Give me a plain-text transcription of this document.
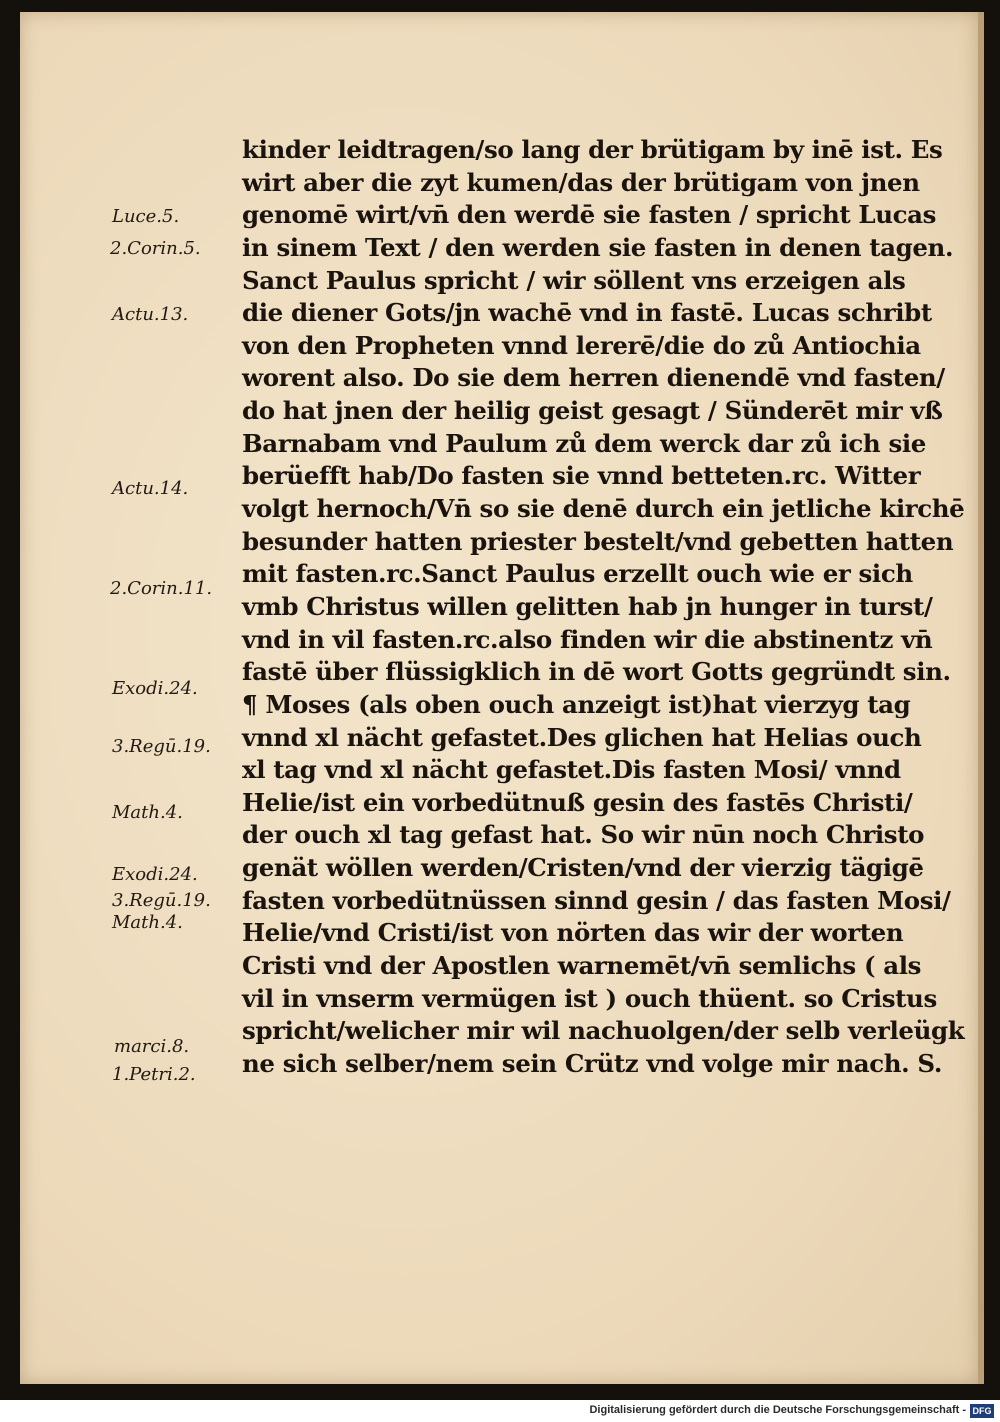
Luce.5.
2.Corin.5.
Actu.13.
Actu.14.
2.Corin.11.
Exodi.24.
3.Regū.19.
Math.4.
Exodi.24.
3.Regū.19.
Math.4.
marci.8.
1.Petri.2.
kinder leidtragen/so lang der brütigam by inē ist. Es
wirt aber die zyt kumen/das der brütigam von jnen
genomē wirt/vn̄ den werdē sie fasten / spricht Lucas
in sinem Text / den werden sie fasten in denen tagen.
Sanct Paulus spricht / wir söllent vns erzeigen als
die diener Gots/jn wachē vnd in fastē. Lucas schribt
von den Propheten vnnd lererē/die do zů Antiochia
worent also. Do sie dem herren dienendē vnd fasten/
do hat jnen der heilig geist gesagt / Sünderēt mir vß
Barnabam vnd Paulum zů dem werck dar zů ich sie
berüefft hab/Do fasten sie vnnd betteten.rc. Witter
volgt hernoch/Vn̄ so sie denē durch ein jetliche kirchē
besunder hatten priester bestelt/vnd gebetten hatten
mit fasten.rc.Sanct Paulus erzellt ouch wie er sich
vmb Christus willen gelitten hab jn hunger in turst/
vnd in vil fasten.rc.also finden wir die abstinentz vn̄
fastē über flüssigklich in dē wort Gotts gegründt sin.
¶ Moses (als oben ouch anzeigt ist)hat vierzyg tag
vnnd xl nächt gefastet.Des glichen hat Helias ouch
xl tag vnd xl nächt gefastet.Dis fasten Mosi/ vnnd
Helie/ist ein vorbedütnuß gesin des fastēs Christi/
der ouch xl tag gefast hat. So wir nūn noch Christo
genät wöllen werden/Cristen/vnd der vierzig tägigē
fasten vorbedütnüssen sinnd gesin / das fasten Mosi/
Helie/vnd Cristi/ist von nörten das wir der worten
Cristi vnd der Apostlen warnemēt/vn̄ semlichs ( als
vil in vnserm vermügen ist ) ouch thüent. so Cristus
spricht/welicher mir wil nachuolgen/der selb verleügk
ne sich selber/nem sein Crütz vnd volge mir nach. S.
Digitalisierung gefördert durch die Deutsche Forschungsgemeinschaft - DFG
